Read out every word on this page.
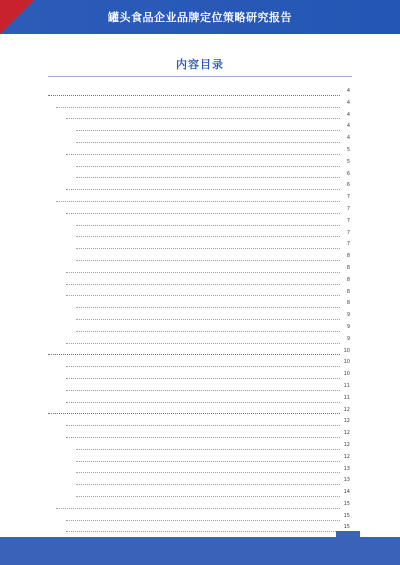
罐头食品企业品牌定位策略研究报告
内容目录
4
4
4
4
4
5
5
6
6
7
7
7
7
7
8
8
8
8
8
9
9
9
10
10
10
11
11
12
12
12
12
12
13
13
14
15
15
15
